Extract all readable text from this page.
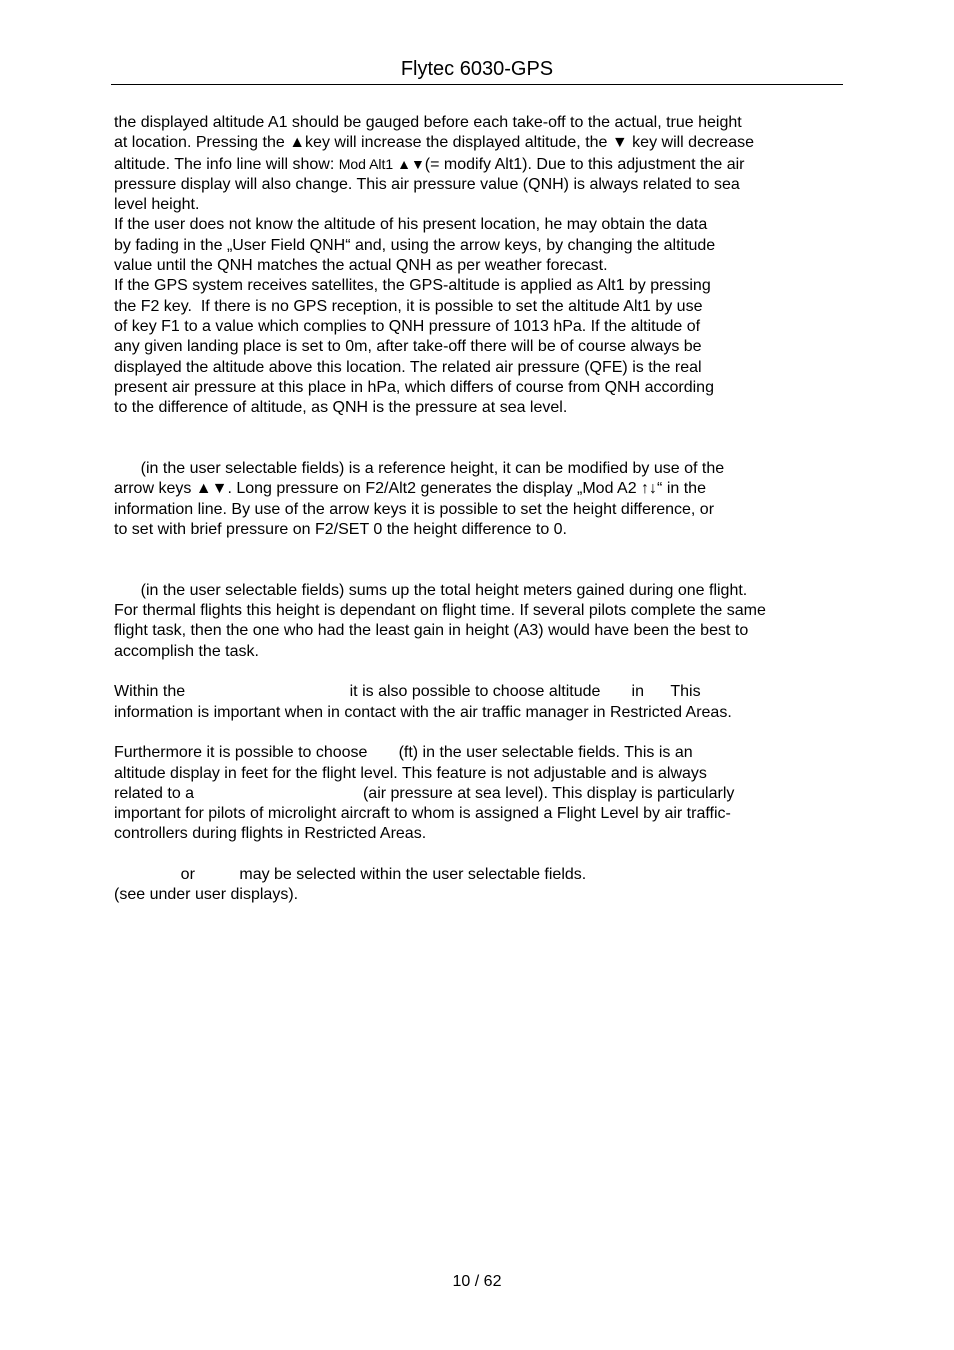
Flytec 6030-GPS
the displayed altitude A1 should be gauged before each take-off to the actual, true height
at location. Pressing the ▲key will increase the displayed altitude, the ▼ key will decrease
altitude. The info line will show: Mod Alt1 ▲▼(= modify Alt1). Due to this adjustment the air
pressure display will also change. This air pressure value (QNH) is always related to sea
level height.
If the user does not know the altitude of his present location, he may obtain the data
by fading in the „User Field QNH“ and, using the arrow keys, by changing the altitude
value until the QNH matches the actual QNH as per weather forecast.
If the GPS system receives satellites, the GPS-altitude is applied as Alt1 by pressing
the F2 key.  If there is no GPS reception, it is possible to set the altitude Alt1 by use
of key F1 to a value which complies to QNH pressure of 1013 hPa. If the altitude of
any given landing place is set to 0m, after take-off there will be of course always be
displayed the altitude above this location. The related air pressure (QFE) is the real
present air pressure at this place in hPa, which differs of course from QNH according
to the difference of altitude, as QNH is the pressure at sea level.
(in the user selectable fields) is a reference height, it can be modified by use of the
arrow keys ▲▼. Long pressure on F2/Alt2 generates the display „Mod A2 ↑↓“ in the
information line. By use of the arrow keys it is possible to set the height difference, or
to set with brief pressure on F2/SET 0 the height difference to 0.
(in the user selectable fields) sums up the total height meters gained during one flight.
For thermal flights this height is dependant on flight time. If several pilots complete the same
flight task, then the one who had the least gain in height (A3) would have been the best to
accomplish the task.
Within the                                     it is also possible to choose altitude       in      This
information is important when in contact with the air traffic manager in Restricted Areas.
Furthermore it is possible to choose       (ft) in the user selectable fields. This is an
altitude display in feet for the flight level. This feature is not adjustable and is always
related to a                                      (air pressure at sea level). This display is particularly
important for pilots of microlight aircraft to whom is assigned a Flight Level by air traffic-
controllers during flights in Restricted Areas.
or          may be selected within the user selectable fields.
(see under user displays).
10 / 62
